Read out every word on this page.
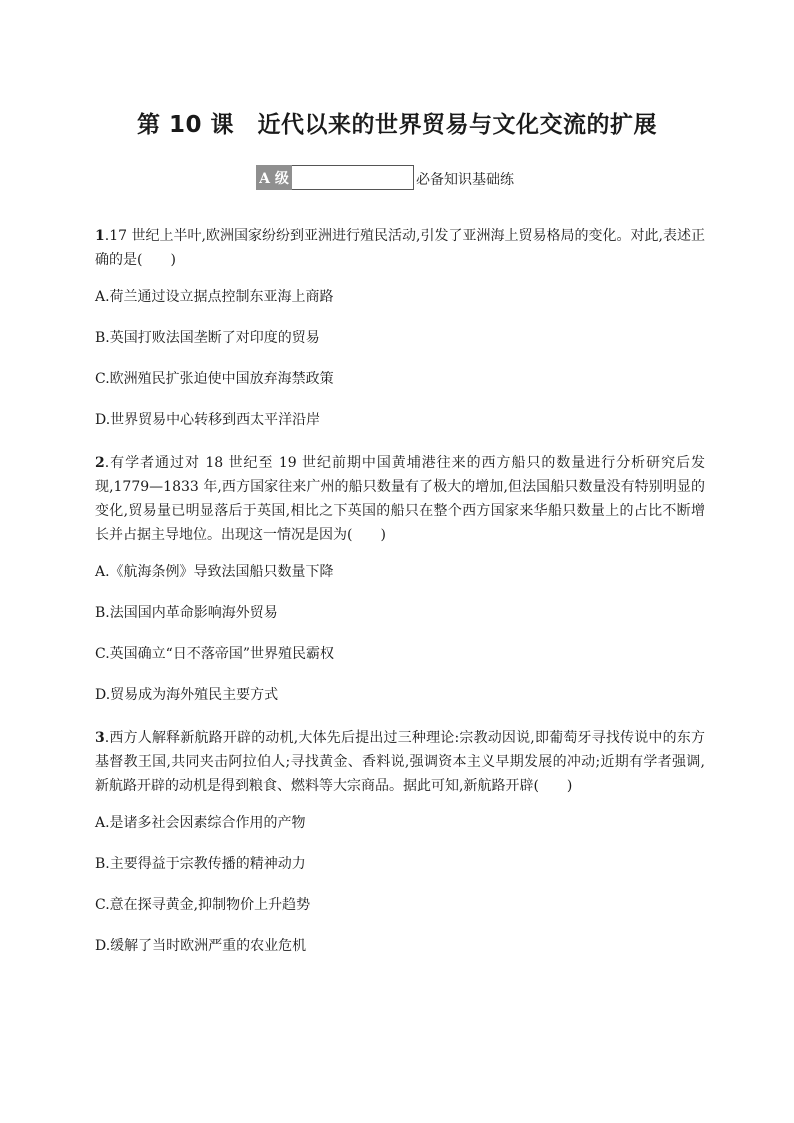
第 10 课　近代以来的世界贸易与文化交流的扩展
A 级	必备知识基础练

1.17 世纪上半叶,欧洲国家纷纷到亚洲进行殖民活动,引发了亚洲海上贸易格局的变化。对此,表述正确的是(　　)

A.荷兰通过设立据点控制东亚海上商路

B.英国打败法国垄断了对印度的贸易

C.欧洲殖民扩张迫使中国放弃海禁政策

D.世界贸易中心转移到西太平洋沿岸

2.有学者通过对 18 世纪至 19 世纪前期中国黄埔港往来的西方船只的数量进行分析研究后发现,1779—1833 年,西方国家往来广州的船只数量有了极大的增加,但法国船只数量没有特别明显的变化,贸易量已明显落后于英国,相比之下英国的船只在整个西方国家来华船只数量上的占比不断增长并占据主导地位。出现这一情况是因为(　　)

A.《航海条例》导致法国船只数量下降

B.法国国内革命影响海外贸易

C.英国确立“日不落帝国”世界殖民霸权

D.贸易成为海外殖民主要方式

3.西方人解释新航路开辟的动机,大体先后提出过三种理论:宗教动因说,即葡萄牙寻找传说中的东方基督教王国,共同夹击阿拉伯人;寻找黄金、香料说,强调资本主义早期发展的冲动;近期有学者强调,新航路开辟的动机是得到粮食、燃料等大宗商品。据此可知,新航路开辟(　　)

A.是诸多社会因素综合作用的产物

B.主要得益于宗教传播的精神动力

C.意在探寻黄金,抑制物价上升趋势

D.缓解了当时欧洲严重的农业危机
